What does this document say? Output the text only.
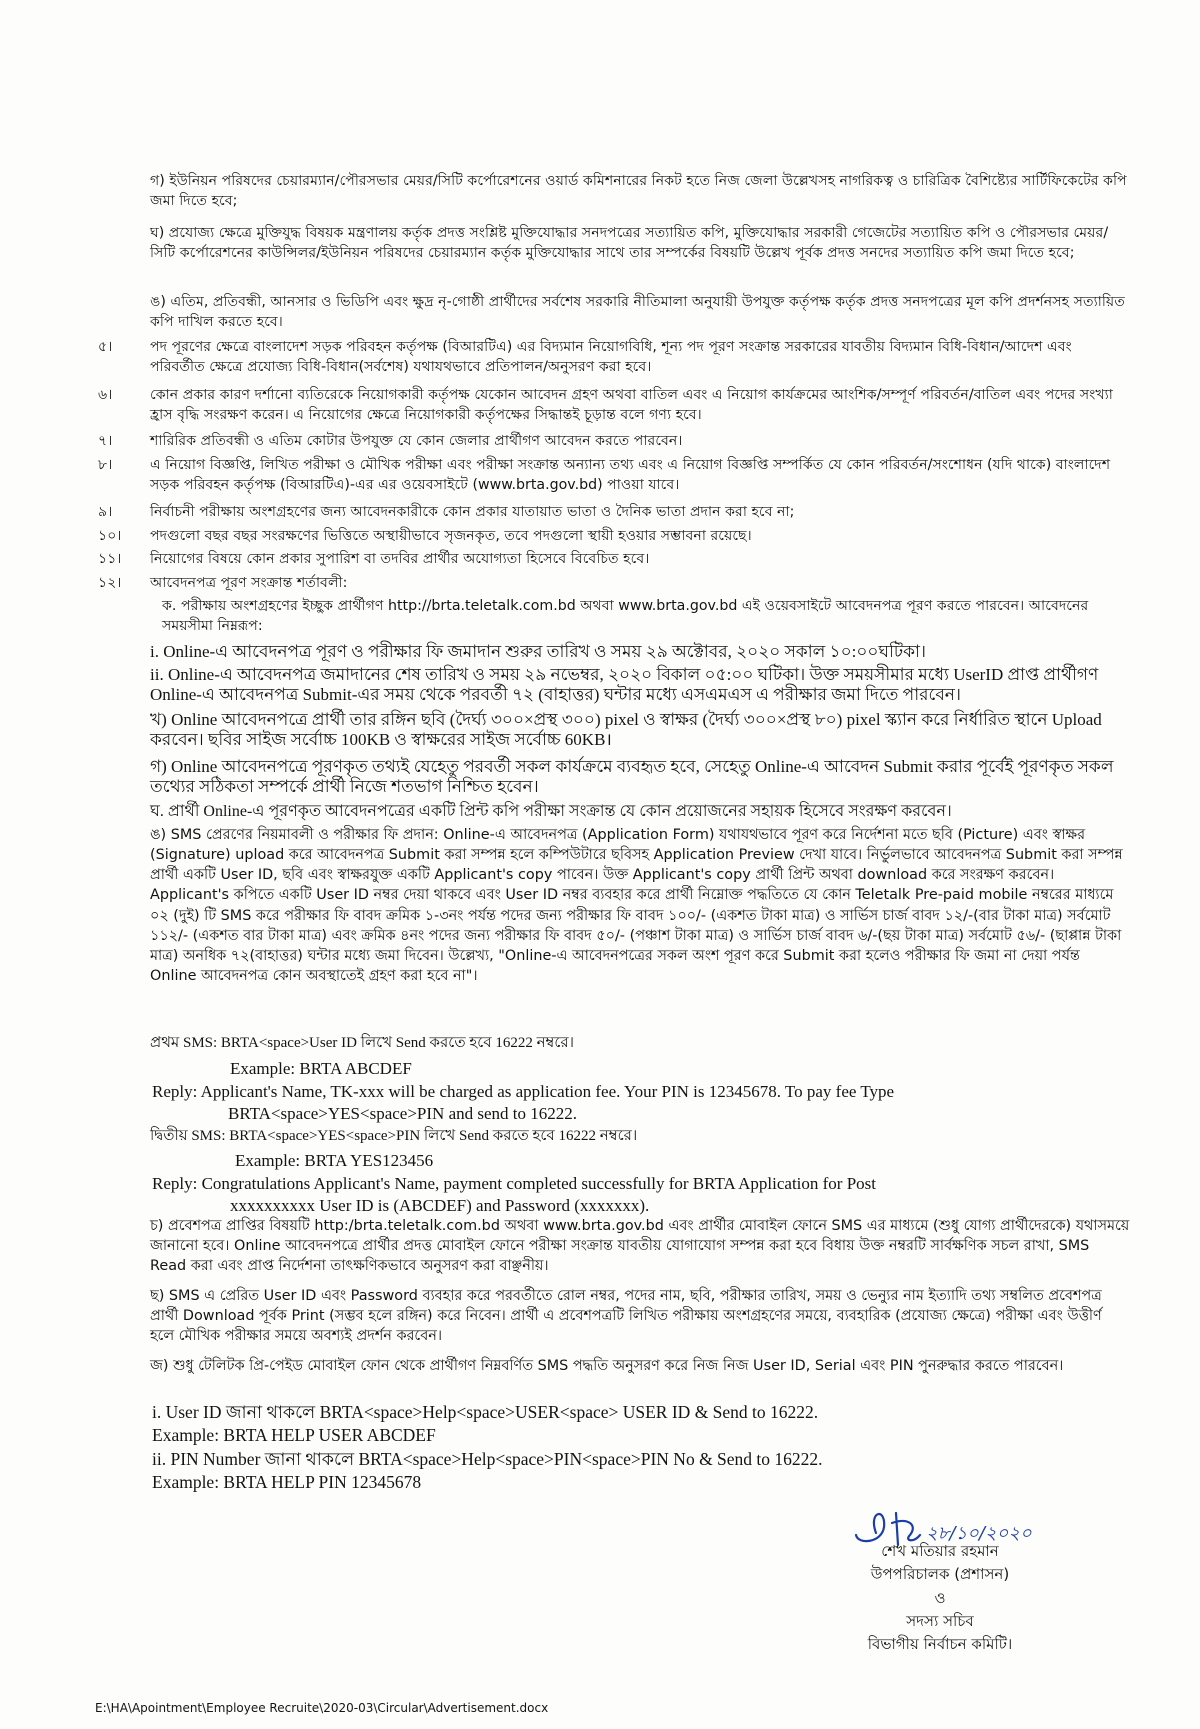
গ) ইউনিয়ন পরিষদের চেয়ারম্যান/পৌরসভার মেয়র/সিটি কর্পোরেশনের ওয়ার্ড কমিশনারের নিকট হতে নিজ জেলা উল্লেখসহ নাগরিকত্ব ও চারিত্রিক বৈশিষ্ট্যের সার্টিফিকেটের কপি জমা দিতে হবে;
ঘ) প্রযোজ্য ক্ষেত্রে মুক্তিযুদ্ধ বিষয়ক মন্ত্রণালয় কর্তৃক প্রদত্ত সংশ্লিষ্ট মুক্তিযোদ্ধার সনদপত্রের সত্যায়িত কপি, মুক্তিযোদ্ধার সরকারী গেজেটের সত্যায়িত কপি ও পৌরসভার মেয়র/সিটি কর্পোরেশনের কাউন্সিলর/ইউনিয়ন পরিষদের চেয়ারম্যান কর্তৃক মুক্তিযোদ্ধার সাথে তার সম্পর্কের বিষয়টি উল্লেখ পূর্বক প্রদত্ত সনদের সত্যায়িত কপি জমা দিতে হবে;
ঙ) এতিম, প্রতিবন্ধী, আনসার ও ভিডিপি এবং ক্ষুদ্র নৃ-গোষ্ঠী প্রার্থীদের সর্বশেষ সরকারি নীতিমালা অনুযায়ী উপযুক্ত কর্তৃপক্ষ কর্তৃক প্রদত্ত সনদপত্রের মূল কপি প্রদর্শনসহ সত্যায়িত কপি দাখিল করতে হবে।
৫।	পদ পূরণের ক্ষেত্রে বাংলাদেশ সড়ক পরিবহন কর্তৃপক্ষ (বিআরটিএ) এর বিদ্যমান নিয়োগবিধি, শূন্য পদ পূরণ সংক্রান্ত সরকারের যাবতীয় বিদ্যমান বিধি-বিধান/আদেশ এবং পরিবর্তীত ক্ষেত্রে প্রযোজ্য বিধি-বিধান(সর্বশেষ) যথাযথভাবে প্রতিপালন/অনুসরণ করা হবে।
৬।	কোন প্রকার কারণ দর্শানো ব্যতিরেকে নিয়োগকারী কর্তৃপক্ষ যেকোন আবেদন গ্রহণ অথবা বাতিল এবং এ নিয়োগ কার্যক্রমের আংশিক/সম্পূর্ণ পরিবর্তন/বাতিল এবং পদের সংখ্যা হ্রাস বৃদ্ধি সংরক্ষণ করেন। এ নিয়োগের ক্ষেত্রে নিয়োগকারী কর্তৃপক্ষের সিদ্ধান্তই চূড়ান্ত বলে গণ্য হবে।
৭।	শারিরিক প্রতিবন্ধী ও এতিম কোটার উপযুক্ত যে কোন জেলার প্রার্থীগণ আবেদন করতে পারবেন।
৮।	এ নিয়োগ বিজ্ঞপ্তি, লিখিত পরীক্ষা ও মৌখিক পরীক্ষা এবং পরীক্ষা সংক্রান্ত অন্যান্য তথ্য এবং এ নিয়োগ বিজ্ঞপ্তি সম্পর্কিত যে কোন পরিবর্তন/সংশোধন (যদি থাকে) বাংলাদেশ সড়ক পরিবহন কর্তৃপক্ষ (বিআরটিএ)-এর এর ওয়েবসাইটে (www.brta.gov.bd) পাওয়া যাবে।
৯।	নির্বাচনী পরীক্ষায় অংশগ্রহণের জন্য আবেদনকারীকে কোন প্রকার যাতায়াত ভাতা ও দৈনিক ভাতা প্রদান করা হবে না;
১০।	পদগুলো বছর বছর সংরক্ষণের ভিত্তিতে অস্থায়ীভাবে সৃজনকৃত, তবে পদগুলো স্থায়ী হওয়ার সম্ভাবনা রয়েছে।
১১।	নিয়োগের বিষয়ে কোন প্রকার সুপারিশ বা তদবির প্রার্থীর অযোগ্যতা হিসেবে বিবেচিত হবে।
১২।	আবেদনপত্র পূরণ সংক্রান্ত শর্তাবলী:
ক. পরীক্ষায় অংশগ্রহণের ইচ্ছুক প্রার্থীগণ http://brta.teletalk.com.bd অথবা www.brta.gov.bd এই ওয়েবসাইটে আবেদনপত্র পূরণ করতে পারবেন। আবেদনের সময়সীমা নিম্নরূপ:
i. Online-এ আবেদনপত্র পূরণ ও পরীক্ষার ফি জমাদান শুরুর তারিখ ও সময় ২৯ অক্টোবর, ২০২০ সকাল ১০:০০ঘটিকা।
ii. Online-এ আবেদনপত্র জমাদানের শেষ তারিখ ও সময় ২৯ নভেম্বর, ২০২০ বিকাল ০৫:০০ ঘটিকা। উক্ত সময়সীমার মধ্যে UserID প্রাপ্ত প্রার্থীগণ Online-এ আবেদনপত্র Submit-এর সময় থেকে পরবর্তী ৭২ (বাহাত্তর) ঘন্টার মধ্যে এসএমএস এ পরীক্ষার জমা দিতে পারবেন।
খ) Online আবেদনপত্রে প্রার্থী তার রঙ্গিন ছবি (দৈর্ঘ্য ৩০০×প্রস্থ ৩০০) pixel ও স্বাক্ষর (দৈর্ঘ্য ৩০০×প্রস্থ ৮০) pixel স্ক্যান করে নির্ধারিত স্থানে Upload করবেন। ছবির সাইজ সর্বোচ্চ 100KB ও স্বাক্ষরের সাইজ সর্বোচ্চ 60KB।
গ) Online আবেদনপত্রে পূরণকৃত তথ্যই যেহেতু পরবর্তী সকল কার্যক্রমে ব্যবহৃত হবে, সেহেতু Online-এ আবেদন Submit করার পূর্বেই পূরণকৃত সকল তথ্যের সঠিকতা সম্পর্কে প্রার্থী নিজে শতভাগ নিশ্চিত হবেন।
ঘ. প্রার্থী Online-এ পূরণকৃত আবেদনপত্রের একটি প্রিন্ট কপি পরীক্ষা সংক্রান্ত যে কোন প্রয়োজনের সহায়ক হিসেবে সংরক্ষণ করবেন।
ঙ) SMS প্রেরণের নিয়মাবলী ও পরীক্ষার ফি প্রদান: Online-এ আবেদনপত্র (Application Form) যথাযথভাবে পূরণ করে নির্দেশনা মতে ছবি (Picture) এবং স্বাক্ষর (Signature) upload করে আবেদনপত্র Submit করা সম্পন্ন হলে কম্পিউটারে ছবিসহ Application Preview দেখা যাবে। নির্ভুলভাবে আবেদনপত্র Submit করা সম্পন্ন প্রার্থী একটি User ID, ছবি এবং স্বাক্ষরযুক্ত একটি Applicant's copy পাবেন। উক্ত Applicant's copy প্রার্থী প্রিন্ট অথবা download করে সংরক্ষণ করবেন। Applicant's কপিতে একটি User ID নম্বর দেয়া থাকবে এবং User ID নম্বর ব্যবহার করে প্রার্থী নিম্নোক্ত পদ্ধতিতে যে কোন Teletalk Pre-paid mobile নম্বরের মাধ্যমে ০২ (দুই) টি SMS করে পরীক্ষার ফি বাবদ ক্রমিক ১-৩নং পর্যন্ত পদের জন্য পরীক্ষার ফি বাবদ ১০০/- (একশত টাকা মাত্র) ও সার্ভিস চার্জ বাবদ ১২/-(বার টাকা মাত্র) সর্বমোট ১১২/- (একশত বার টাকা মাত্র) এবং ক্রমিক ৪নং পদের জন্য পরীক্ষার ফি বাবদ ৫০/- (পঞ্চাশ টাকা মাত্র) ও সার্ভিস চার্জ বাবদ ৬/-(ছয় টাকা মাত্র) সর্বমোট ৫৬/- (ছাপ্পান্ন টাকা মাত্র) অনধিক ৭২(বাহাত্তর) ঘন্টার মধ্যে জমা দিবেন। উল্লেখ্য, "Online-এ আবেদনপত্রের সকল অংশ পূরণ করে Submit করা হলেও পরীক্ষার ফি জমা না দেয়া পর্যন্ত Online আবেদনপত্র কোন অবস্থাতেই গ্রহণ করা হবে না"।
প্রথম SMS: BRTA<space>User ID লিখে Send করতে হবে 16222 নম্বরে।
Example: BRTA ABCDEF
Reply: Applicant's Name, TK-xxx will be charged as application fee. Your PIN is 12345678. To pay fee Type
BRTA<space>YES<space>PIN and send to 16222.
দ্বিতীয় SMS: BRTA<space>YES<space>PIN লিখে Send করতে হবে 16222 নম্বরে।
Example: BRTA YES123456
Reply: Congratulations Applicant's Name, payment completed successfully for BRTA Application for Post
xxxxxxxxxx User ID is (ABCDEF) and Password (xxxxxxx).
চ) প্রবেশপত্র প্রাপ্তির বিষয়টি http:/brta.teletalk.com.bd অথবা www.brta.gov.bd এবং প্রার্থীর মোবাইল ফোনে SMS এর মাধ্যমে (শুধু যোগ্য প্রার্থীদেরকে) যথাসময়ে জানানো হবে। Online আবেদনপত্রে প্রার্থীর প্রদত্ত মোবাইল ফোনে পরীক্ষা সংক্রান্ত যাবতীয় যোগাযোগ সম্পন্ন করা হবে বিধায় উক্ত নম্বরটি সার্বক্ষণিক সচল রাখা, SMS Read করা এবং প্রাপ্ত নির্দেশনা তাৎক্ষণিকভাবে অনুসরণ করা বাঞ্ছনীয়।
ছ) SMS এ প্রেরিত User ID এবং Password ব্যবহার করে পরবর্তীতে রোল নম্বর, পদের নাম, ছবি, পরীক্ষার তারিখ, সময় ও ভেন্যুর নাম ইত্যাদি তথ্য সম্বলিত প্রবেশপত্র প্রার্থী Download পূর্বক Print (সম্ভব হলে রঙ্গিন) করে নিবেন। প্রার্থী এ প্রবেশপত্রটি লিখিত পরীক্ষায় অংশগ্রহণের সময়ে, ব্যবহারিক (প্রযোজ্য ক্ষেত্রে) পরীক্ষা এবং উত্তীর্ণ হলে মৌখিক পরীক্ষার সময়ে অবশ্যই প্রদর্শন করবেন।
জ) শুধু টেলিটক প্রি-পেইড মোবাইল ফোন থেকে প্রার্থীগণ নিম্নবর্ণিত SMS পদ্ধতি অনুসরণ করে নিজ নিজ User ID, Serial এবং PIN পুনরুদ্ধার করতে পারবেন।
i. User ID জানা থাকলে BRTA<space>Help<space>USER<space> USER ID & Send to 16222.
Example: BRTA HELP USER ABCDEF
ii. PIN Number জানা থাকলে BRTA<space>Help<space>PIN<space>PIN No & Send to 16222.
Example: BRTA HELP PIN 12345678
২৮/১০/২০২০
শেখ মতিয়ার রহমান
উপপরিচালক (প্রশাসন)
ও
সদস্য সচিব
বিভাগীয় নির্বাচন কমিটি।
E:\HA\Apointment\Employee Recruite\2020-03\Circular\Advertisement.docx
